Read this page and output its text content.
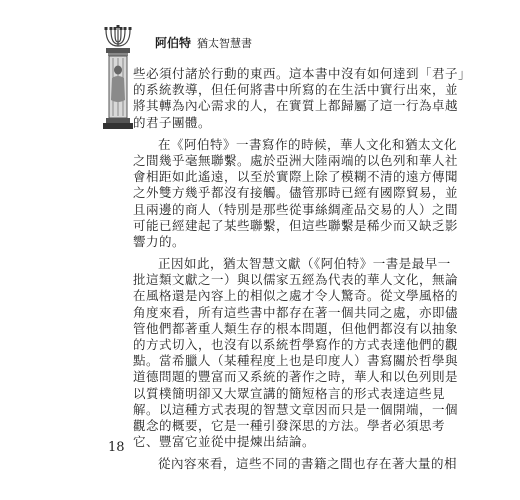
阿伯特 猶太智慧書
些必須付諸於行動的東西。這本書中沒有如何達到「君子」
的系統教導，但任何將書中所寫的在生活中實行出來，並
將其轉為內心需求的人，在實質上都歸屬了這一行為卓越
的君子團體。
在《阿伯特》一書寫作的時候，華人文化和猶太文化
之間幾乎毫無聯繫。處於亞洲大陸兩端的以色列和華人社
會相距如此遙遠，以至於實際上除了模糊不清的遠方傳聞
之外雙方幾乎都沒有接觸。儘管那時已經有國際貿易，並
且兩邊的商人（特別是那些從事絲綢產品交易的人）之間
可能已經建起了某些聯繫，但這些聯繫是稀少而又缺乏影
響力的。
正因如此，猶太智慧文獻（《阿伯特》一書是最早一
批這類文獻之一）與以儒家五經為代表的華人文化，無論
在風格還是內容上的相似之處才令人驚奇。從文學風格的
角度來看，所有這些書中都存在著一個共同之處，亦即儘
管他們都著重人類生存的根本問題，但他們都沒有以抽象
的方式切入，也沒有以系統哲學寫作的方式表達他們的觀
點。當希臘人（某種程度上也是印度人）書寫關於哲學與
道德問題的豐富而又系統的著作之時，華人和以色列則是
以質樸簡明卻又大眾宣講的簡短格言的形式表達這些見
解。以這種方式表現的智慧文章因而只是一個開端，一個
觀念的概要，它是一種引發深思的方法。學者必須思考
它、豐富它並從中提煉出結論。
從內容來看，這些不同的書籍之間也存在著大量的相
18
